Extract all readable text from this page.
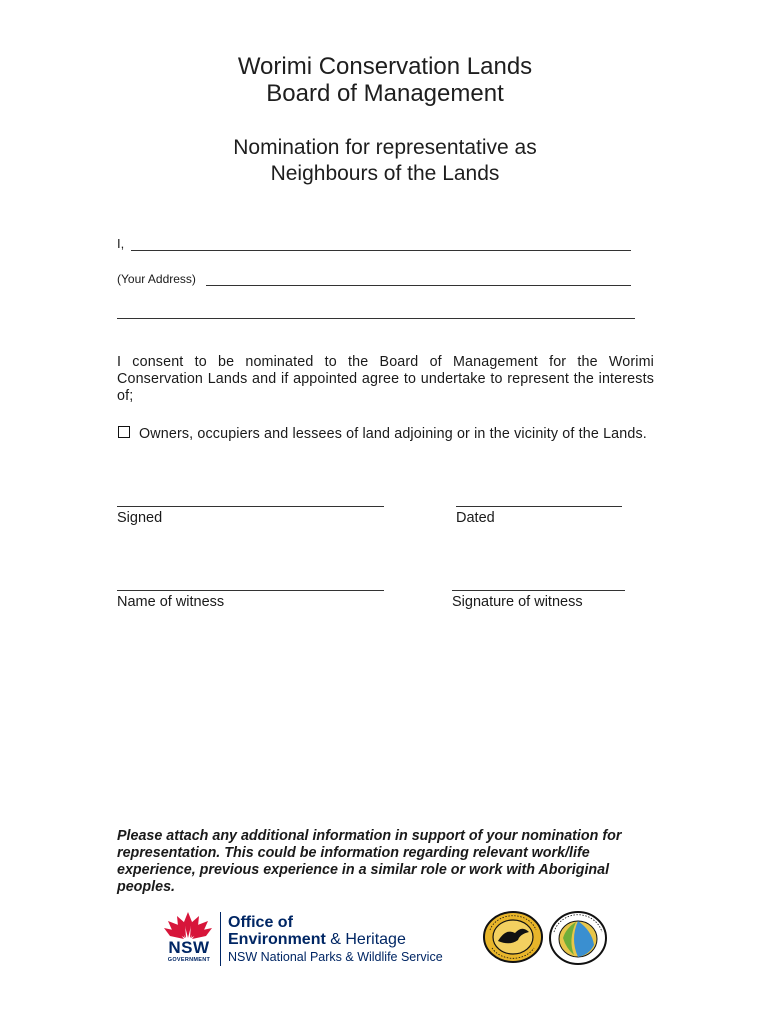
Worimi Conservation Lands
Board of Management
Nomination for representative as
Neighbours of the Lands
I,
(Your Address)
I consent to be nominated to the Board of Management for the Worimi Conservation Lands and if appointed agree to undertake to represent the interests of;
Owners, occupiers and lessees of land adjoining or in the vicinity of the Lands.
Signed	Dated
Name of witness	Signature of witness
Please attach any additional information in support of your nomination for representation. This could be information regarding relevant work/life experience, previous experience in a similar role or work with Aboriginal peoples.
NSW
GOVERNMENT
Office of
Environment & Heritage
NSW National Parks & Wildlife Service
